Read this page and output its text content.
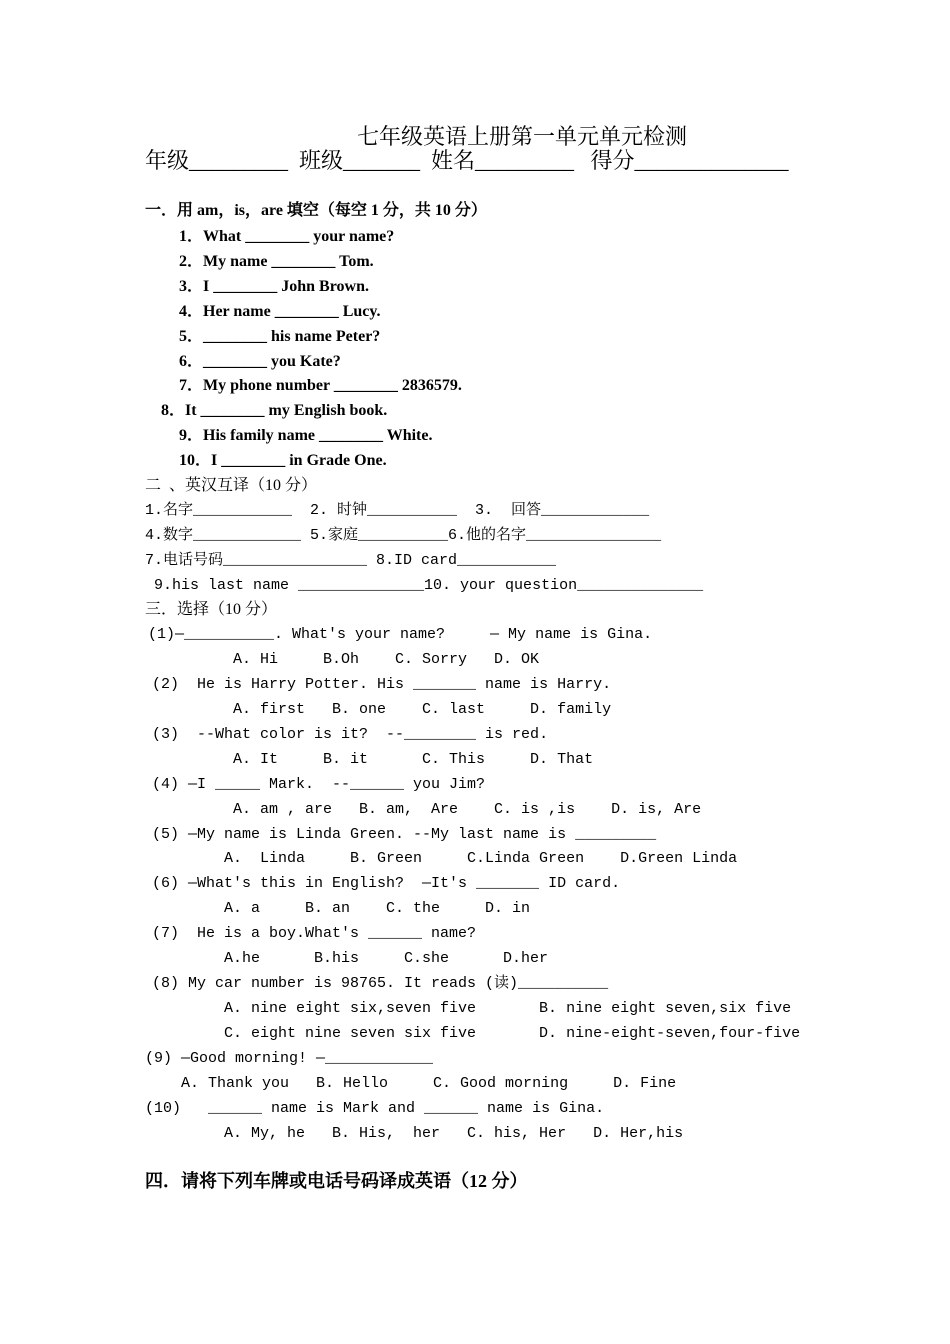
七年级英语上册第一单元单元检测
年级_________  班级_______  姓名_________   得分______________
一．用 am，is，are 填空（每空 1 分，共 10 分）
1．What ________ your name?
2．My name ________ Tom.
3．I ________ John Brown.
4．Her name ________ Lucy.
5．________ his name Peter?
6．________ you Kate?
7．My phone number ________ 2836579.
8．It ________ my English book.
9．His family name ________ White.
10．I ________ in Grade One.
二  、英汉互译（10 分）
1.名字___________  2. 时钟__________  3.  回答____________
4.数字____________ 5.家庭__________6.他的名字_______________
7.电话号码________________ 8.ID card___________
9.his last name ______________10. your question______________
三．选择（10 分）
(1)—__________. What's your name?     — My name is Gina.
A. Hi     B.Oh    C. Sorry   D. OK
(2)  He is Harry Potter. His _______ name is Harry.
A. first   B. one    C. last     D. family
(3)  --What color is it?  --________ is red.
A. It     B. it      C. This     D. That
(4) —I _____ Mark.  --______ you Jim?
A. am , are   B. am,  Are    C. is ,is    D. is, Are
(5) —My name is Linda Green. --My last name is _________
A.  Linda     B. Green     C.Linda Green    D.Green Linda
(6) —What's this in English?  —It's _______ ID card.
A. a     B. an    C. the     D. in
(7)  He is a boy.What's ______ name?
A.he      B.his     C.she      D.her
(8) My car number is 98765. It reads (读)__________
A. nine eight six,seven five       B. nine eight seven,six five
C. eight nine seven six five       D. nine-eight-seven,four-five
(9) —Good morning! —____________
A. Thank you   B. Hello     C. Good morning     D. Fine
(10)   ______ name is Mark and ______ name is Gina.
A. My, he   B. His,  her   C. his, Her   D. Her,his
四．请将下列车牌或电话号码译成英语（12 分）
